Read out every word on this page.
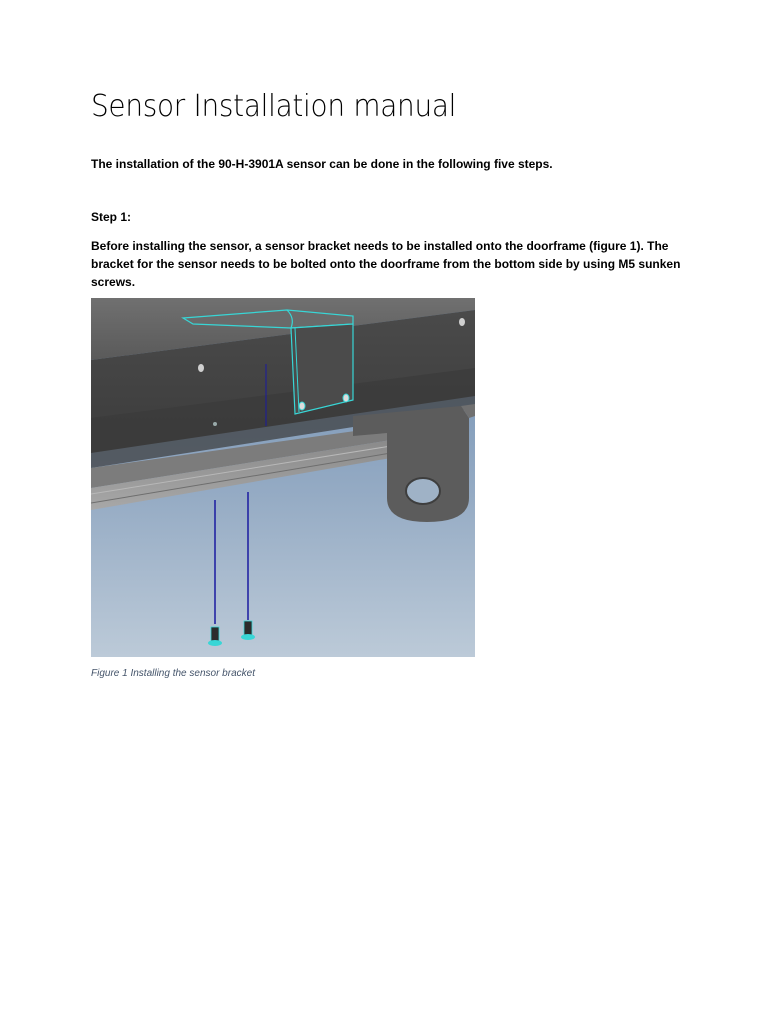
Sensor Installation manual

The installation of the 90-H-3901A sensor can be done in the following five steps.

Step 1:

Before installing the sensor, a sensor bracket needs to be installed onto the doorframe (figure 1). The bracket for the sensor needs to be bolted onto the doorframe from the bottom side by using M5 sunken screws.

Figure 1 Installing the sensor bracket
